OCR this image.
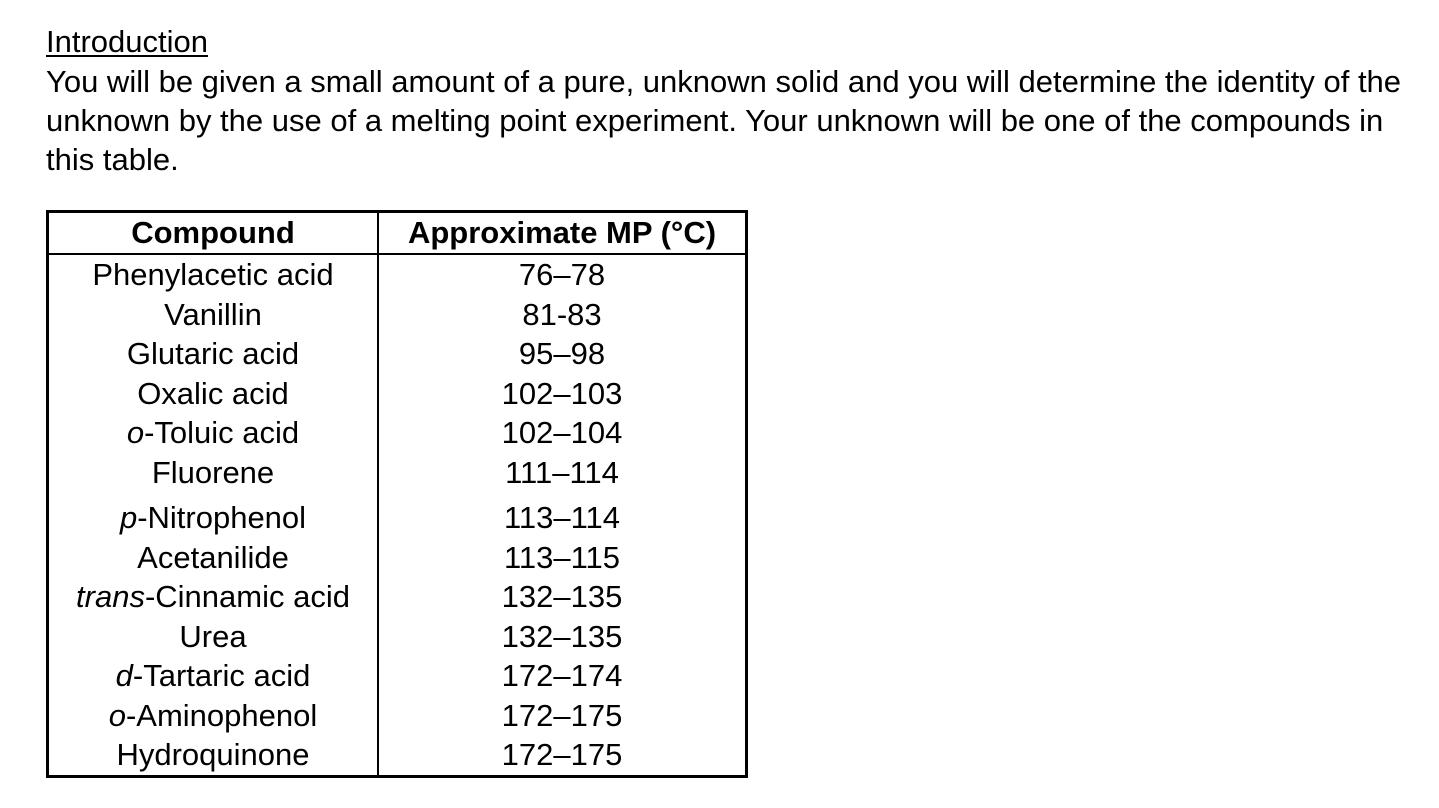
Introduction

You will be given a small amount of a pure, unknown solid and you will determine the identity of the unknown by the use of a melting point experiment. Your unknown will be one of the compounds in this table.

Compound	Approximate MP (°C)
Phenylacetic acid	76–78
Vanillin	81-83
Glutaric acid	95–98
Oxalic acid	102–103
o-Toluic acid	102–104
Fluorene	111–114
p-Nitrophenol	113–114
Acetanilide	113–115
trans-Cinnamic acid	132–135
Urea	132–135
d-Tartaric acid	172–174
o-Aminophenol	172–175
Hydroquinone	172–175
